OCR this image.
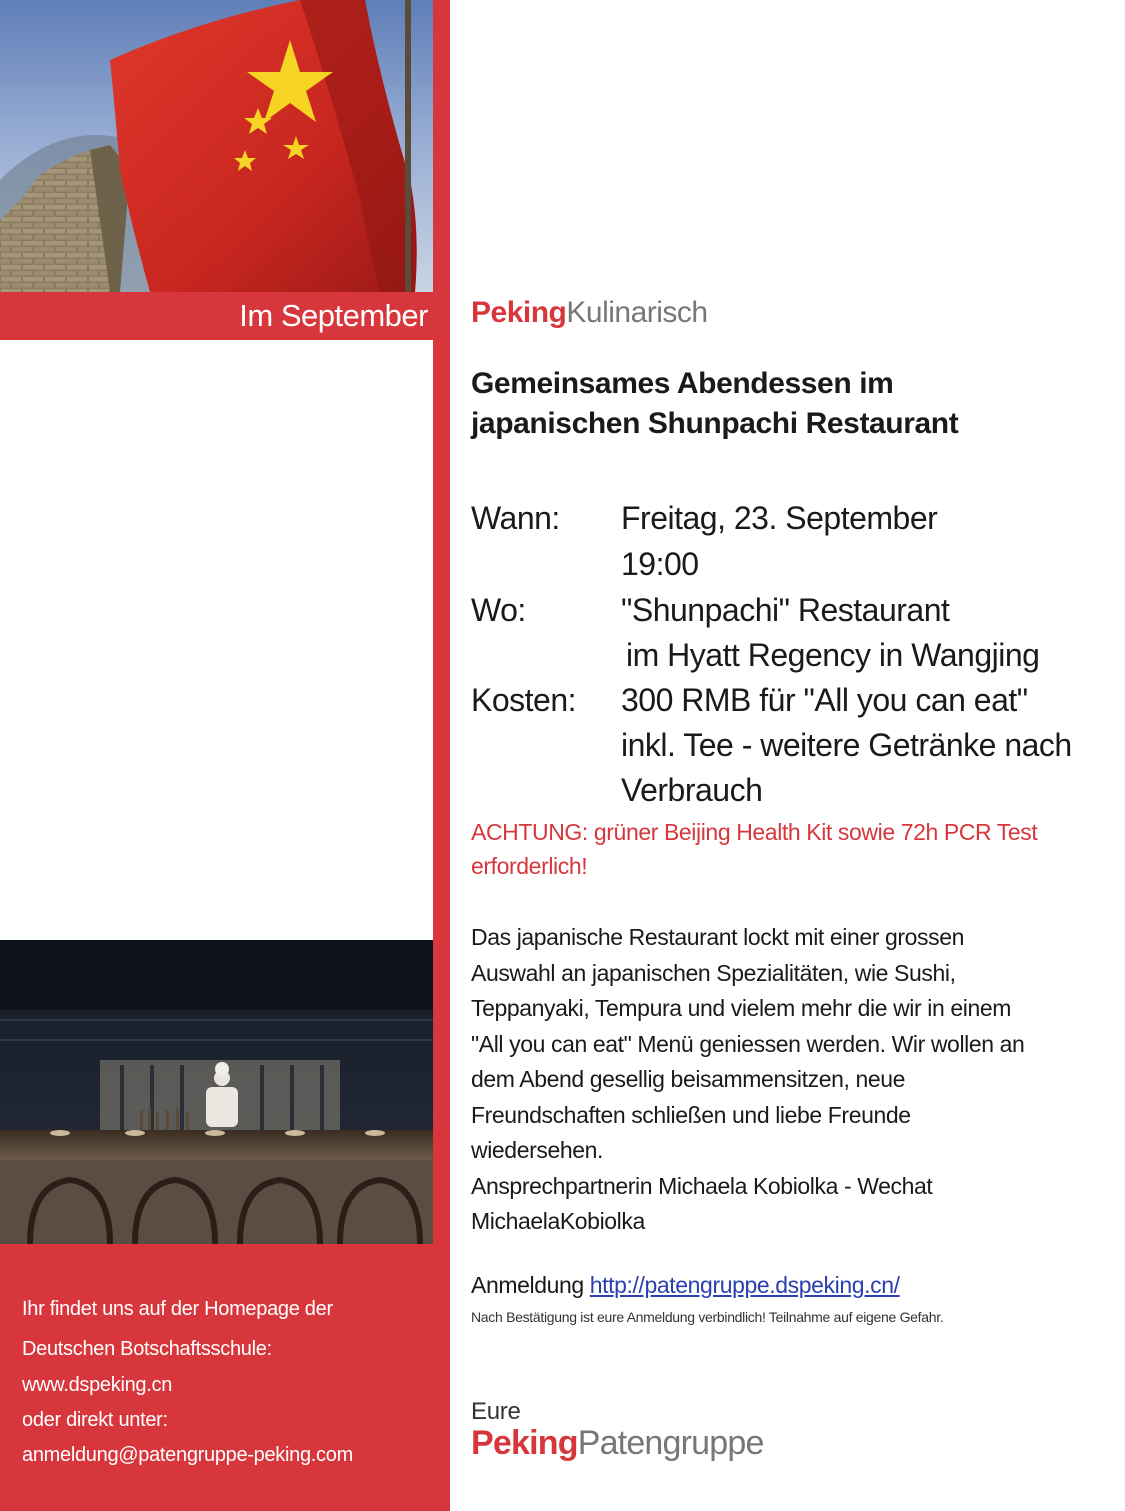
Im September
Ihr findet uns auf der Homepage der
Deutschen Botschaftsschule:
www.dspeking.cn
oder direkt unter:
anmeldung@patengruppe-peking.com
PekingKulinarisch
Gemeinsames Abendessen im
japanischen Shunpachi Restaurant
Wann: Freitag, 23. September
19:00
Wo:	"Shunpachi" Restaurant
im Hyatt Regency in Wangjing
Kosten: 300 RMB für "All you can eat"
inkl. Tee - weitere Getränke nach
Verbrauch
ACHTUNG: grüner Beijing Health Kit sowie 72h PCR Test
erforderlich!
Das japanische Restaurant lockt mit einer grossen
Auswahl an japanischen Spezialitäten, wie Sushi,
Teppanyaki, Tempura und vielem mehr die wir in einem
"All you can eat" Menü geniessen werden. Wir wollen an
dem Abend gesellig beisammensitzen, neue
Freundschaften schließen und liebe Freunde
wiedersehen.
Ansprechpartnerin Michaela Kobiolka - Wechat
MichaelaKobiolka
Anmeldung http://patengruppe.dspeking.cn/
Nach Bestätigung ist eure Anmeldung verbindlich! Teilnahme auf eigene Gefahr.
Eure
PekingPatengruppe
